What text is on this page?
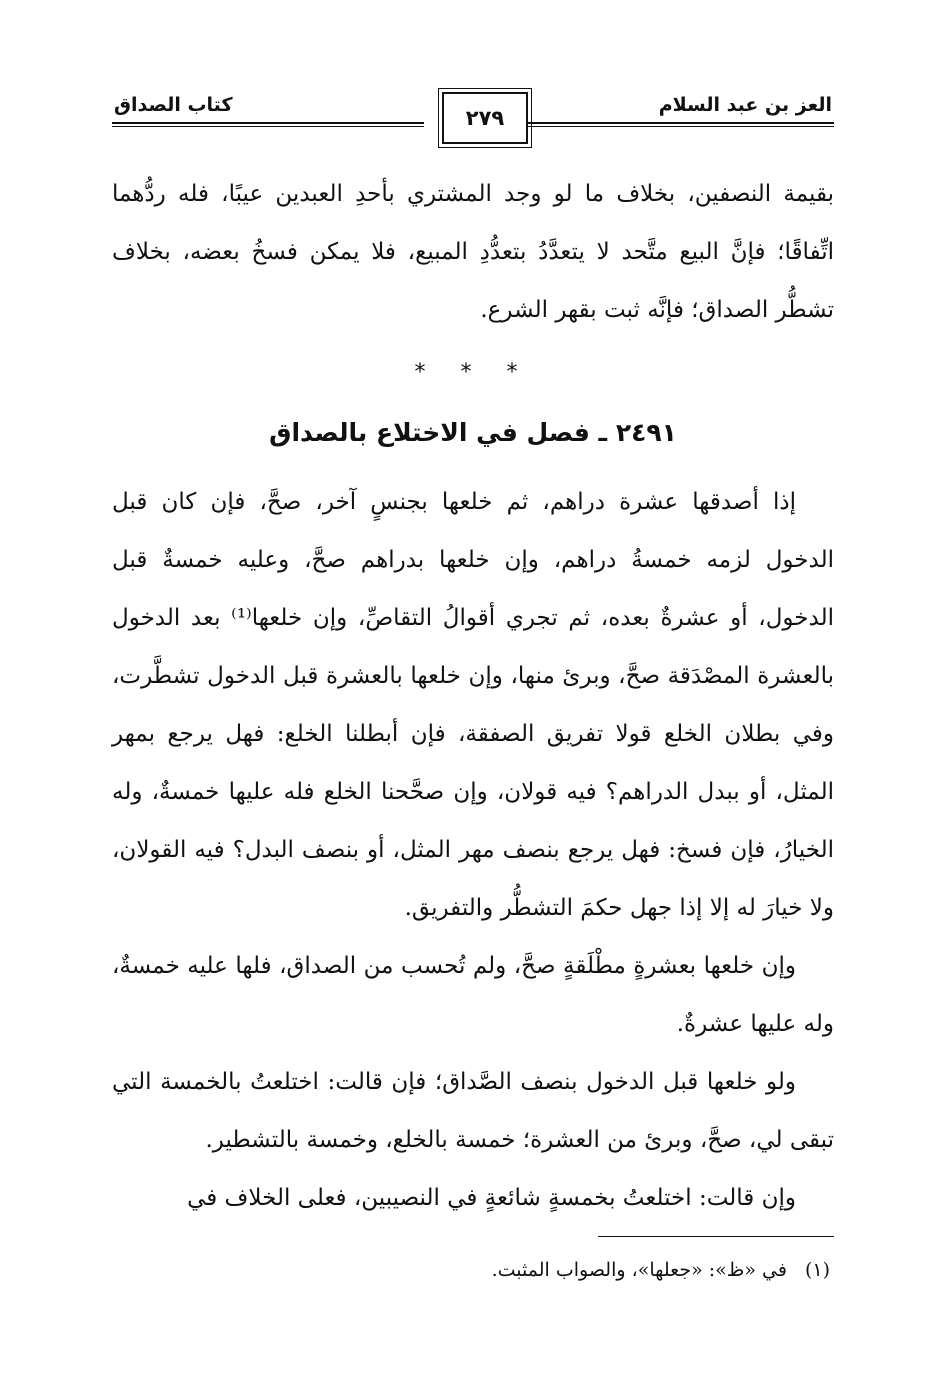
العز بن عبد السلام
كتاب الصداق
٢٧٩

بقيمة النصفين، بخلاف ما لو وجد المشتري بأحدِ العبدين عيبًا، فله ردُّهما اتِّفاقًا؛ فإنَّ البيع متَّحد لا يتعدَّدُ بتعدُّدِ المبيع، فلا يمكن فسخُ بعضه، بخلاف تشطُّر الصداق؛ فإنَّه ثبت بقهر الشرع.

* * *
٢٤٩١ ـ فصل في الاختلاع بالصداق

إذا أصدقها عشرة دراهم، ثم خلعها بجنسٍ آخر، صحَّ، فإن كان قبل الدخول لزمه خمسةُ دراهم، وإن خلعها بدراهم صحَّ، وعليه خمسةٌ قبل الدخول، أو عشرةٌ بعده، ثم تجري أقوالُ التقاصِّ، وإن خلعها⁽¹⁾ بعد الدخول بالعشرة المصْدَقة صحَّ، وبرئ منها، وإن خلعها بالعشرة قبل الدخول تشطَّرت، وفي بطلان الخلع قولا تفريق الصفقة، فإن أبطلنا الخلع: فهل يرجع بمهر المثل، أو ببدل الدراهم؟ فيه قولان، وإن صحَّحنا الخلع فله عليها خمسةٌ، وله الخيارُ، فإن فسخ: فهل يرجع بنصف مهر المثل، أو بنصف البدل؟ فيه القولان، ولا خيارَ له إلا إذا جهل حكمَ التشطُّر والتفريق.

وإن خلعها بعشرةٍ مطْلَقةٍ صحَّ، ولم تُحسب من الصداق، فلها عليه خمسةٌ، وله عليها عشرةٌ.

ولو خلعها قبل الدخول بنصف الصَّداق؛ فإن قالت: اختلعتُ بالخمسة التي تبقى لي، صحَّ، وبرئ من العشرة؛ خمسة بالخلع، وخمسة بالتشطير.

وإن قالت: اختلعتُ بخمسةٍ شائعةٍ في النصيبين، فعلى الخلاف في

(١)في «ظ»: «جعلها»، والصواب المثبت.
